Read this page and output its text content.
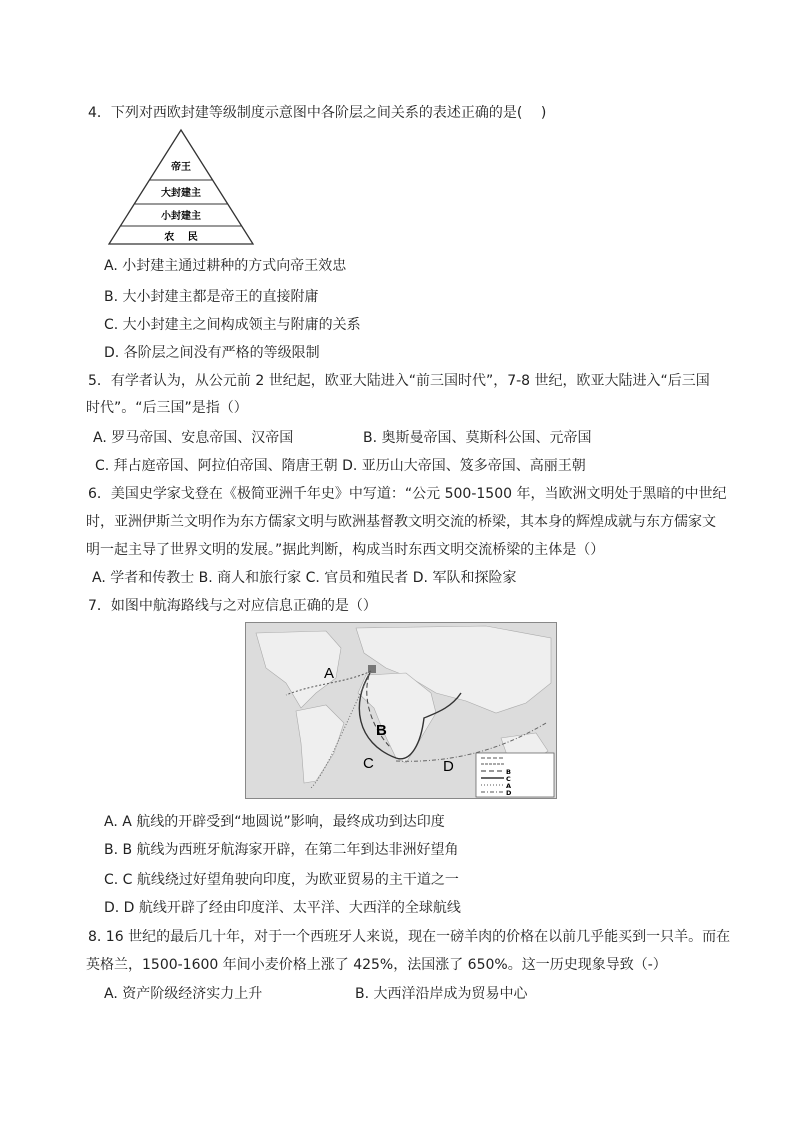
4．下列对西欧封建等级制度示意图中各阶层之间关系的表述正确的是(　 )
帝王
大封建主
小封建主
农　 民
A. 小封建主通过耕种的方式向帝王效忠
B. 大小封建主都是帝王的直接附庸
C. 大小封建主之间构成领主与附庸的关系
D. 各阶层之间没有严格的等级限制
5．有学者认为，从公元前 2 世纪起，欧亚大陆进入“前三国时代”，7-8 世纪，欧亚大陆进入“后三国
时代”。“后三国”是指（）
A. 罗马帝国、安息帝国、汉帝国	B. 奥斯曼帝国、莫斯科公国、元帝国
C. 拜占庭帝国、阿拉伯帝国、隋唐王朝 D. 亚历山大帝国、笈多帝国、高丽王朝
6．美国史学家戈登在《极简亚洲千年史》中写道：“公元 500-1500 年，当欧洲文明处于黑暗的中世纪
时，亚洲伊斯兰文明作为东方儒家文明与欧洲基督教文明交流的桥梁，其本身的辉煌成就与东方儒家文
明一起主导了世界文明的发展。”据此判断，构成当时东西文明交流桥梁的主体是（）
A. 学者和传教士 B. 商人和旅行家 C. 官员和殖民者 D. 军队和探险家
7．如图中航海路线与之对应信息正确的是（）
A
B
C	D	B
C
A
D
A. A 航线的开辟受到“地圆说”影响，最终成功到达印度
B. B 航线为西班牙航海家开辟，在第二年到达非洲好望角
C. C 航线绕过好望角驶向印度，为欧亚贸易的主干道之一
D. D 航线开辟了经由印度洋、太平洋、大西洋的全球航线
8. 16 世纪的最后几十年，对于一个西班牙人来说，现在一磅羊肉的价格在以前几乎能买到一只羊。而在
英格兰，1500-1600 年间小麦价格上涨了 425%，法国涨了 650%。这一历史现象导致（-）
A. 资产阶级经济实力上升	B. 大西洋沿岸成为贸易中心
